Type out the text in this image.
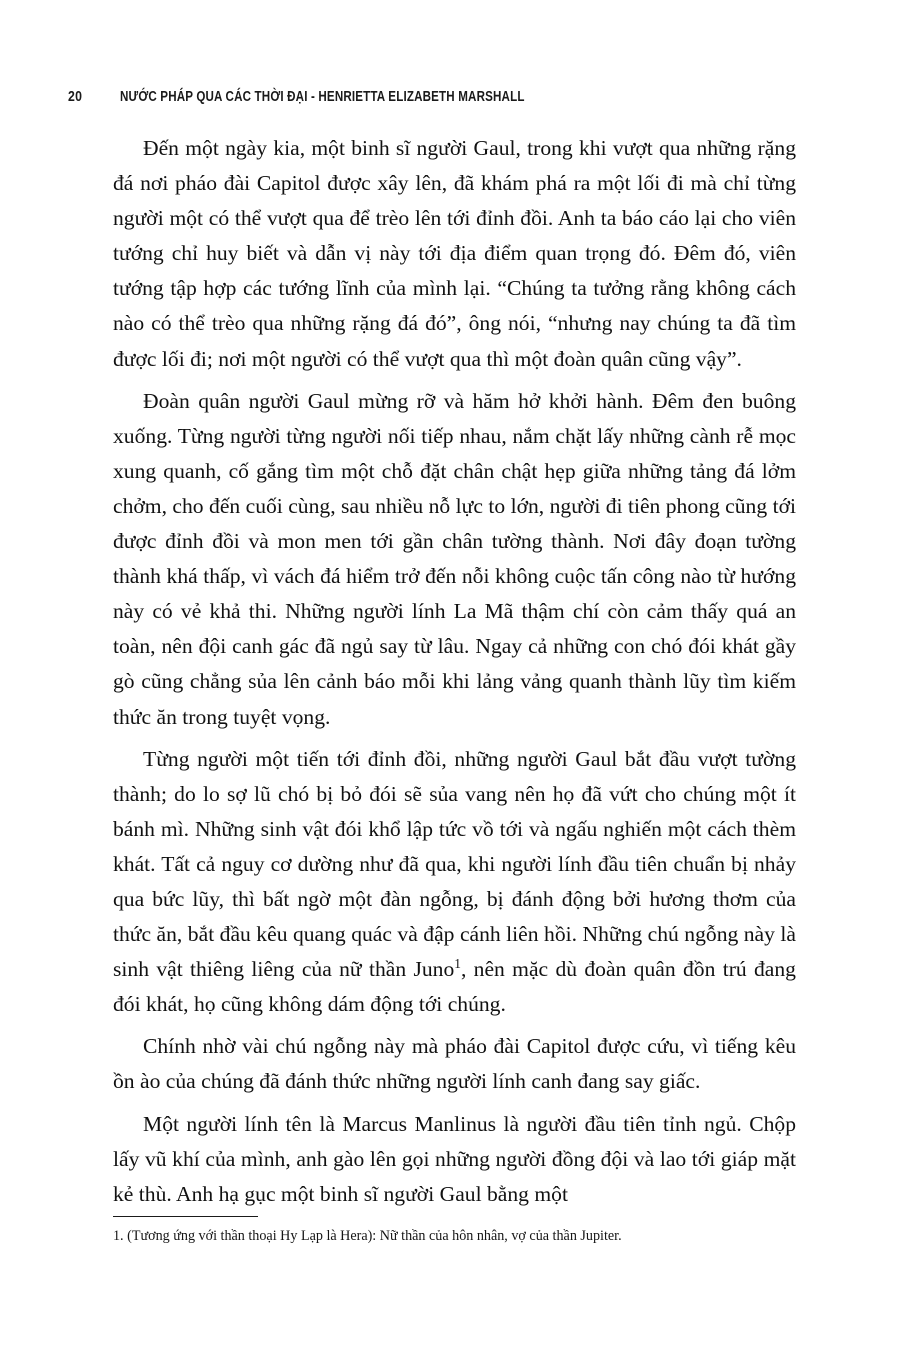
20	NƯỚC PHÁP QUA CÁC THỜI ĐẠI - HENRIETTA ELIZABETH MARSHALL

Đến một ngày kia, một binh sĩ người Gaul, trong khi vượt qua những rặng đá nơi pháo đài Capitol được xây lên, đã khám phá ra một lối đi mà chỉ từng người một có thể vượt qua để trèo lên tới đỉnh đồi. Anh ta báo cáo lại cho viên tướng chỉ huy biết và dẫn vị này tới địa điểm quan trọng đó. Đêm đó, viên tướng tập hợp các tướng lĩnh của mình lại. “Chúng ta tưởng rằng không cách nào có thể trèo qua những rặng đá đó”, ông nói, “nhưng nay chúng ta đã tìm được lối đi; nơi một người có thể vượt qua thì một đoàn quân cũng vậy”.

Đoàn quân người Gaul mừng rỡ và hăm hở khởi hành. Đêm đen buông xuống. Từng người từng người nối tiếp nhau, nắm chặt lấy những cành rễ mọc xung quanh, cố gắng tìm một chỗ đặt chân chật hẹp giữa những tảng đá lởm chởm, cho đến cuối cùng, sau nhiều nỗ lực to lớn, người đi tiên phong cũng tới được đỉnh đồi và mon men tới gần chân tường thành. Nơi đây đoạn tường thành khá thấp, vì vách đá hiểm trở đến nỗi không cuộc tấn công nào từ hướng này có vẻ khả thi. Những người lính La Mã thậm chí còn cảm thấy quá an toàn, nên đội canh gác đã ngủ say từ lâu. Ngay cả những con chó đói khát gầy gò cũng chẳng sủa lên cảnh báo mỗi khi lảng vảng quanh thành lũy tìm kiếm thức ăn trong tuyệt vọng.

Từng người một tiến tới đỉnh đồi, những người Gaul bắt đầu vượt tường thành; do lo sợ lũ chó bị bỏ đói sẽ sủa vang nên họ đã vứt cho chúng một ít bánh mì. Những sinh vật đói khổ lập tức vồ tới và ngấu nghiến một cách thèm khát. Tất cả nguy cơ dường như đã qua, khi người lính đầu tiên chuẩn bị nhảy qua bức lũy, thì bất ngờ một đàn ngỗng, bị đánh động bởi hương thơm của thức ăn, bắt đầu kêu quang quác và đập cánh liên hồi. Những chú ngỗng này là sinh vật thiêng liêng của nữ thần Juno$^1$, nên mặc dù đoàn quân đồn trú đang đói khát, họ cũng không dám động tới chúng.

Chính nhờ vài chú ngỗng này mà pháo đài Capitol được cứu, vì tiếng kêu ồn ào của chúng đã đánh thức những người lính canh đang say giấc.

Một người lính tên là Marcus Manlinus là người đầu tiên tỉnh ngủ. Chộp lấy vũ khí của mình, anh gào lên gọi những người đồng đội và lao tới giáp mặt kẻ thù. Anh hạ gục một binh sĩ người Gaul bằng một

1. (Tương ứng với thần thoại Hy Lạp là Hera): Nữ thần của hôn nhân, vợ của thần Jupiter.
